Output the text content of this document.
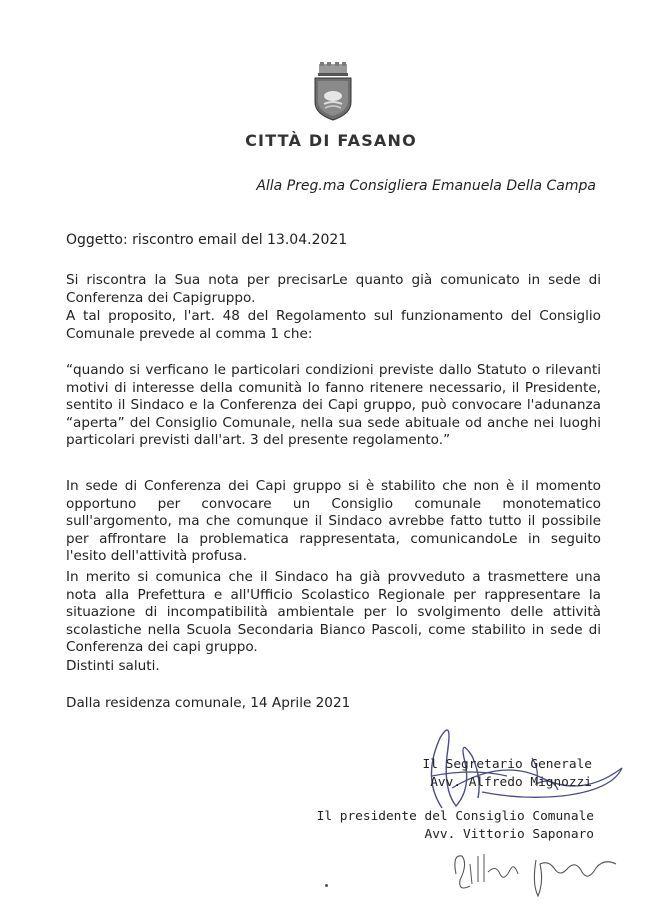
CITTÀ DI FASANO
Alla Preg.ma Consigliera Emanuela Della Campa
Oggetto: riscontro email del 13.04.2021
Si riscontra la Sua nota per precisarLe quanto già comunicato in sede di Conferenza dei Capigruppo.
A tal proposito, l'art. 48 del Regolamento sul funzionamento del Consiglio Comunale prevede al comma 1 che:
“quando si verficano le particolari condizioni previste dallo Statuto o rilevanti motivi di interesse della comunità lo fanno ritenere necessario, il Presidente, sentito il Sindaco e la Conferenza dei Capi gruppo, può convocare l'adunanza “aperta” del Consiglio Comunale, nella sua sede abituale od anche nei luoghi particolari previsti dall'art. 3 del presente regolamento.”
In sede di Conferenza dei Capi gruppo si è stabilito che non è il momento opportuno per convocare un Consiglio comunale monotematico sull'argomento, ma che comunque il Sindaco avrebbe fatto tutto il possibile per affrontare la problematica rappresentata, comunicandoLe in seguito l'esito dell'attività profusa.
In merito si comunica che il Sindaco ha già provveduto a trasmettere una nota alla Prefettura e all'Ufficio Scolastico Regionale per rappresentare la situazione di incompatibilità ambientale per lo svolgimento delle attività scolastiche nella Scuola Secondaria Bianco Pascoli, come stabilito in sede di Conferenza dei capi gruppo.
Distinti saluti.
Dalla residenza comunale, 14 Aprile 2021
Il Segretario Generale
Avv. Alfredo Mignozzi
Il presidente del Consiglio Comunale
Avv. Vittorio Saponaro
